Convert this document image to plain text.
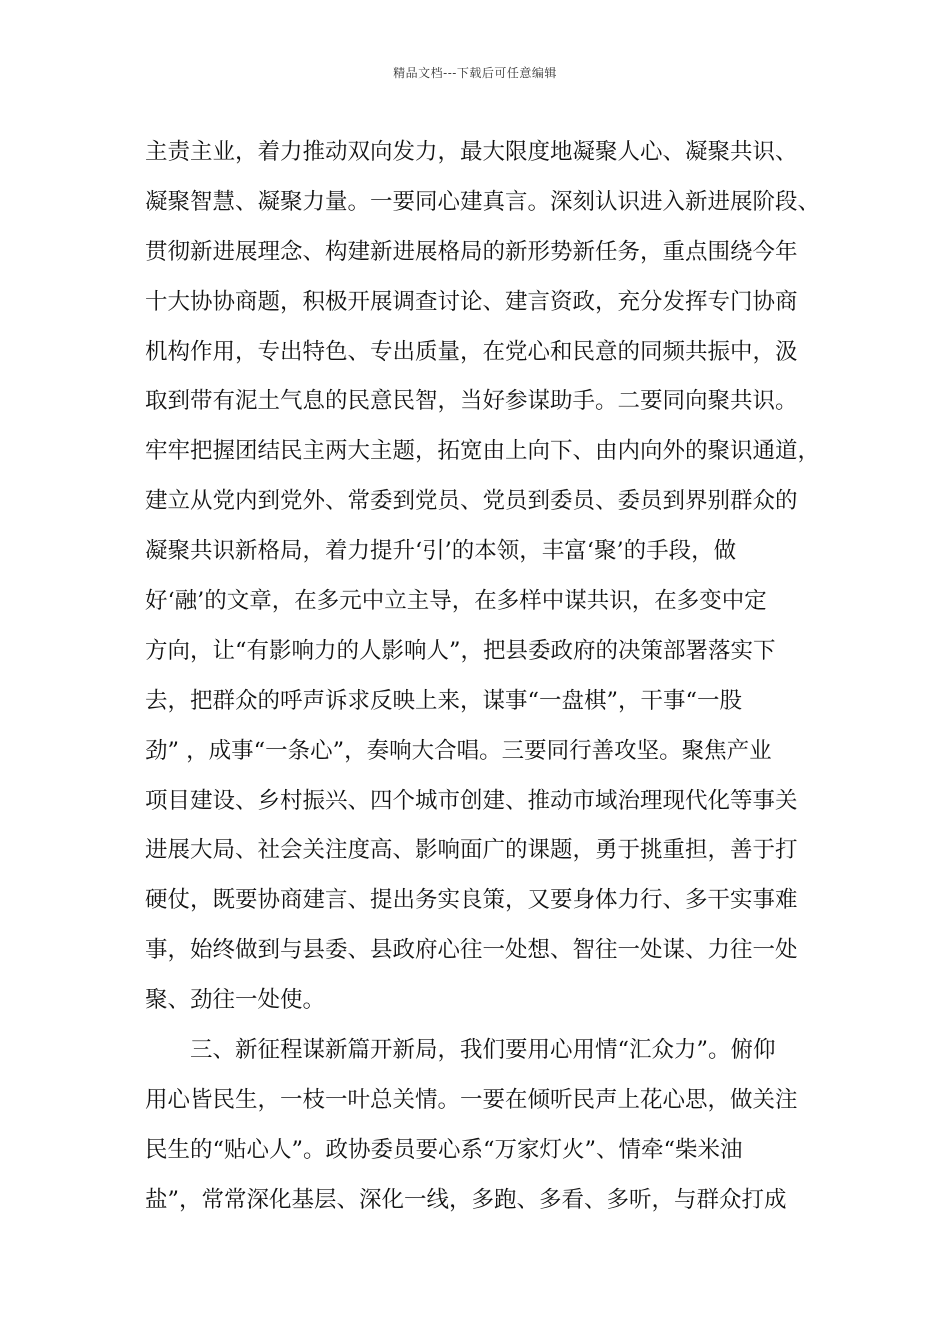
精品文档---下载后可任意编辑
主责主业，着力推动双向发力，最大限度地凝聚人心、凝聚共识、
凝聚智慧、凝聚力量。一要同心建真言。深刻认识进入新进展阶段、
贯彻新进展理念、构建新进展格局的新形势新任务，重点围绕今年
十大协协商题，积极开展调查讨论、建言资政，充分发挥专门协商
机构作用，专出特色、专出质量，在党心和民意的同频共振中，汲
取到带有泥土气息的民意民智，当好参谋助手。二要同向聚共识。
牢牢把握团结民主两大主题，拓宽由上向下、由内向外的聚识通道，
建立从党内到党外、常委到党员、党员到委员、委员到界别群众的
凝聚共识新格局，着力提升‘引’的本领，丰富‘聚’的手段，做
好‘融’的文章，在多元中立主导，在多样中谋共识，在多变中定
方向，让“有影响力的人影响人”，把县委政府的决策部署落实下
去，把群众的呼声诉求反映上来，谋事“一盘棋”，干事“一股
劲” ，成事“一条心”，奏响大合唱。三要同行善攻坚。聚焦产业
项目建设、乡村振兴、四个城市创建、推动市域治理现代化等事关
进展大局、社会关注度高、影响面广的课题，勇于挑重担，善于打
硬仗，既要协商建言、提出务实良策，又要身体力行、多干实事难
事，始终做到与县委、县政府心往一处想、智往一处谋、力往一处
聚、劲往一处使。
三、新征程谋新篇开新局，我们要用心用情“汇众力”。俯仰
用心皆民生，一枝一叶总关情。一要在倾听民声上花心思，做关注
民生的“贴心人”。政协委员要心系“万家灯火”、情牵“柴米油
盐”，常常深化基层、深化一线，多跑、多看、多听，与群众打成
